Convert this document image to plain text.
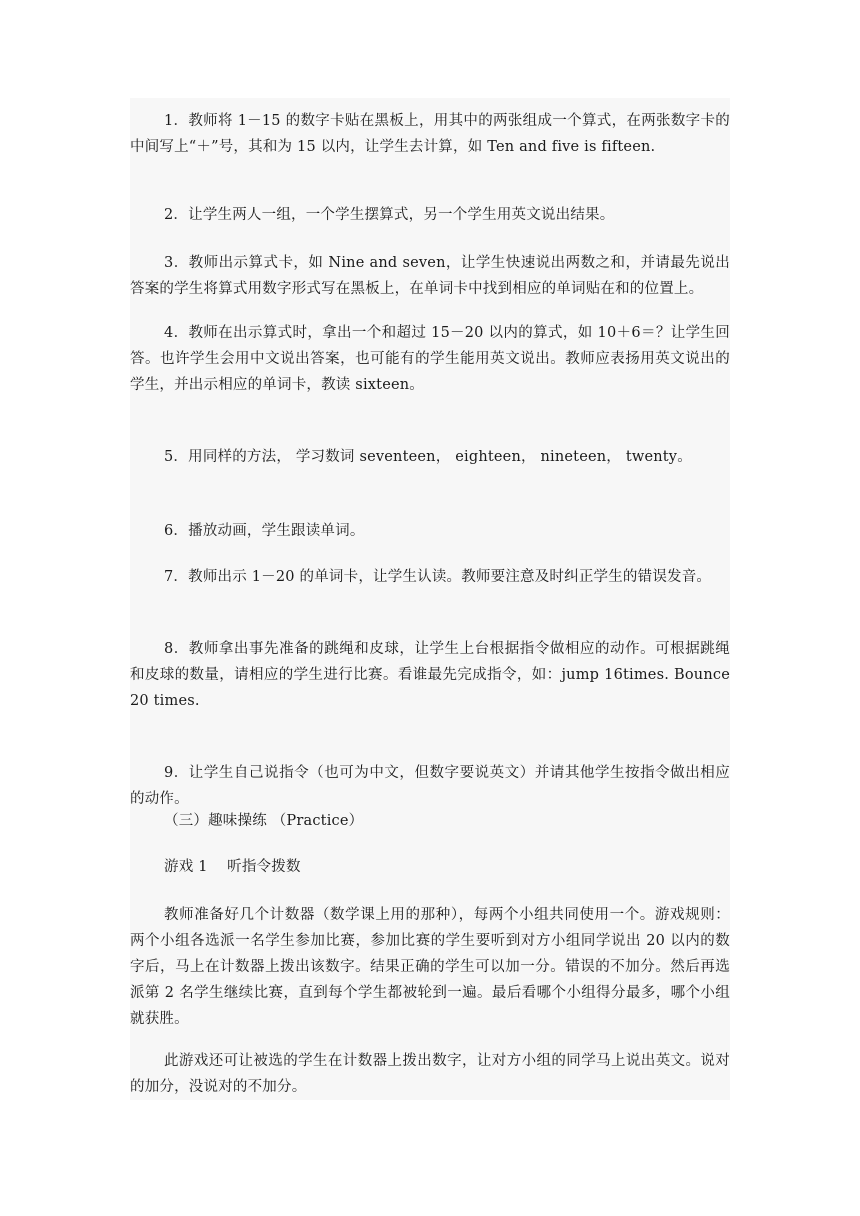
1．教师将 1－15 的数字卡贴在黑板上，用其中的两张组成一个算式，在两张数字卡的中间写上“＋”号，其和为 15 以内，让学生去计算，如 Ten and five is fifteen.

2．让学生两人一组，一个学生摆算式，另一个学生用英文说出结果。

3．教师出示算式卡，如 Nine and seven，让学生快速说出两数之和，并请最先说出答案的学生将算式用数字形式写在黑板上，在单词卡中找到相应的单词贴在和的位置上。

4．教师在出示算式时，拿出一个和超过 15－20 以内的算式，如 10＋6＝？让学生回答。也许学生会用中文说出答案，也可能有的学生能用英文说出。教师应表扬用英文说出的学生，并出示相应的单词卡，教读 sixteen。

5．用同样的方法， 学习数词 seventeen， eighteen， nineteen， twenty。

6．播放动画，学生跟读单词。

7．教师出示 1－20 的单词卡，让学生认读。教师要注意及时纠正学生的错误发音。

8．教师拿出事先准备的跳绳和皮球，让学生上台根据指令做相应的动作。可根据跳绳和皮球的数量，请相应的学生进行比赛。看谁最先完成指令，如：jump 16times. Bounce 20 times.

9．让学生自己说指令（也可为中文，但数字要说英文）并请其他学生按指令做出相应的动作。

（三）趣味操练 （Practice）

游戏 1　 听指令拨数

教师准备好几个计数器（数学课上用的那种），每两个小组共同使用一个。游戏规则：两个小组各选派一名学生参加比赛，参加比赛的学生要听到对方小组同学说出 20 以内的数字后，马上在计数器上拨出该数字。结果正确的学生可以加一分。错误的不加分。然后再选派第 2 名学生继续比赛，直到每个学生都被轮到一遍。最后看哪个小组得分最多，哪个小组就获胜。

此游戏还可让被选的学生在计数器上拨出数字，让对方小组的同学马上说出英文。说对的加分，没说对的不加分。
